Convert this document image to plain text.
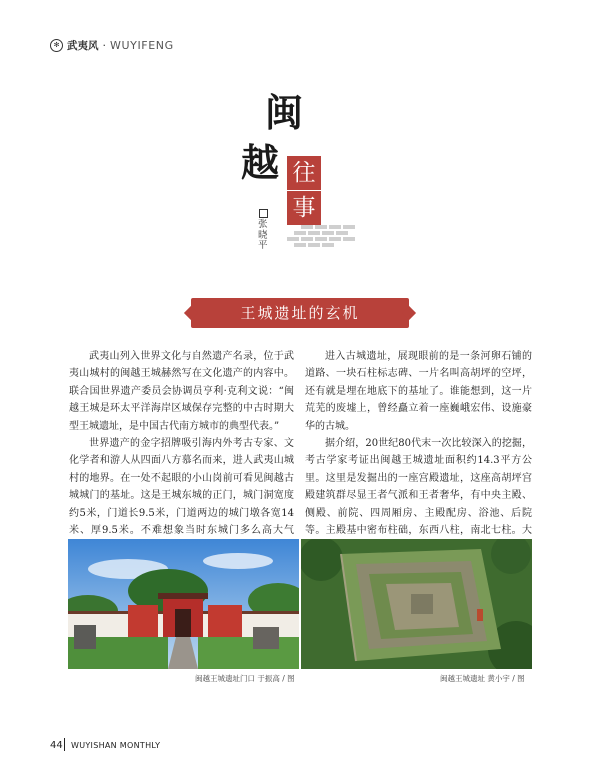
✻ 武夷风 · WUYIFENG
闽
越 往
事
张晓平
王城遗址的玄机

武夷山列入世界文化与自然遗产名录，位于武夷山城村的闽越王城赫然写在文化遗产的内容中。联合国世界遗产委员会协调员亨利·克利文说：“闽越王城是环太平洋海岸区域保存完整的中古时期大型王城遗址，是中国古代南方城市的典型代表。”

世界遗产的金字招牌吸引海内外考古专家、文化学者和游人从四面八方慕名而来，进人武夷山城村的地界。在一处不起眼的小山岗前可看见闽越古城城门的基址。这是王城东城的正门，城门洞宽度约5米，门道长9.5米，门道两边的城门墩各宽14米、厚9.5米。不难想象当时东城门多么高大气

进入古城遗址，展现眼前的是一条河卵石铺的道路、一块石柱标志碑、一片名叫高胡坪的空坪，还有就是埋在地底下的基址了。谁能想到，这一片荒芜的废墟上，曾经矗立着一座巍峨宏伟、设施豪华的古城。

据介绍，20世纪80代末一次比较深入的挖掘，考古学家考证出闽越王城遗址面积约14.3平方公里。这里是发掘出的一座宫殿遗址，这座高胡坪宫殿建筑群尽显王者气派和王者奢华，有中央主殿、侧殿、前院、四周厢房、主殿配房、浴池、后院等。主殿基中密布柱础，东西八柱，南北七柱。大

闽越王城遗址门口 于振高 / 图	闽越王城遗址 黄小宇 / 图
44 WUYISHAN MONTHLY
